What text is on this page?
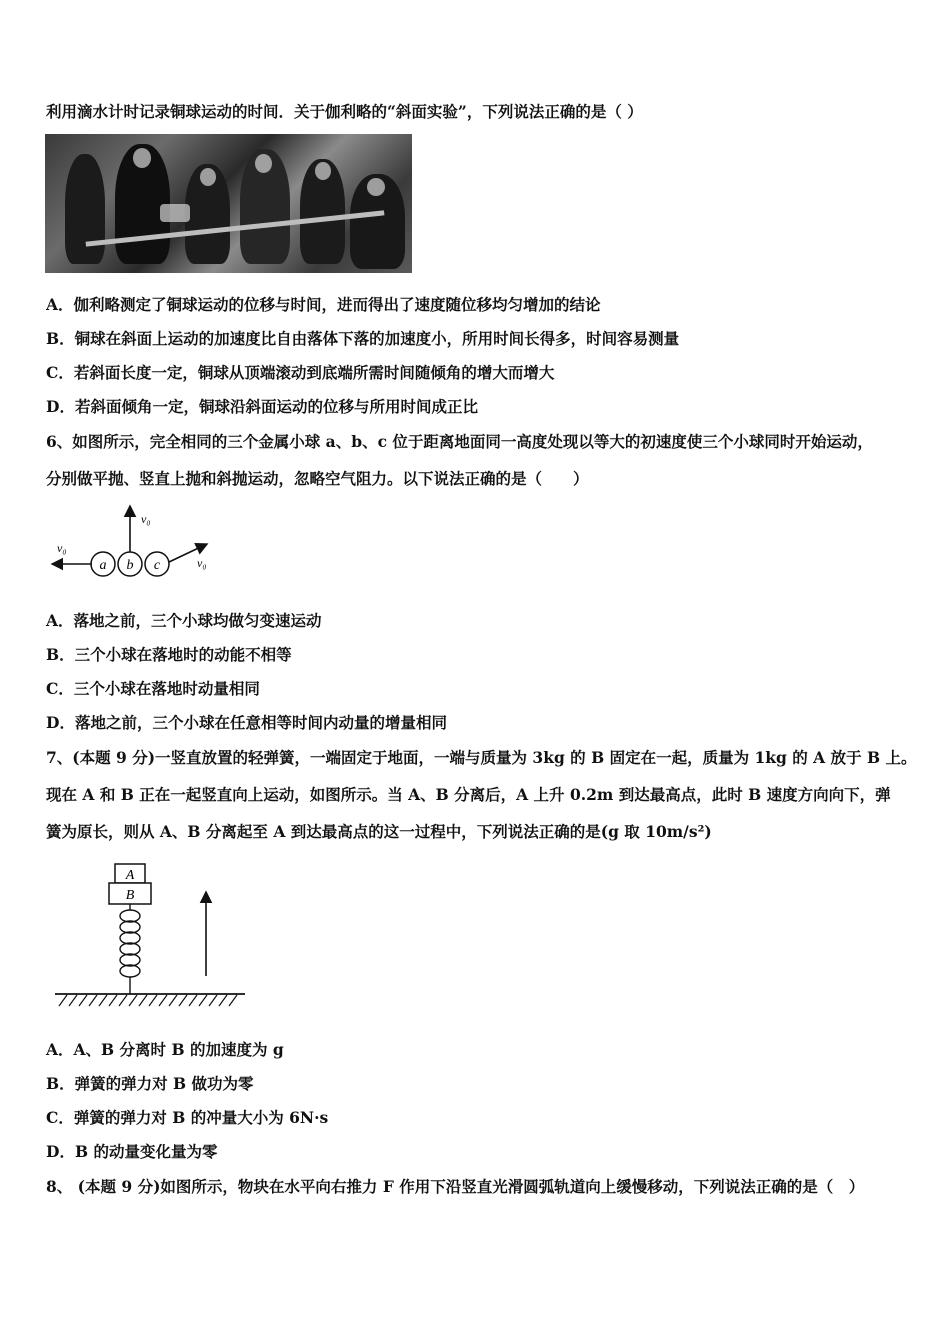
利用滴水计时记录铜球运动的时间．关于伽利略的“斜面实验”，下列说法正确的是（ ）
A．伽利略测定了铜球运动的位移与时间，进而得出了速度随位移均匀增加的结论
B．铜球在斜面上运动的加速度比自由落体下落的加速度小，所用时间长得多，时间容易测量
C．若斜面长度一定，铜球从顶端滚动到底端所需时间随倾角的增大而增大
D．若斜面倾角一定，铜球沿斜面运动的位移与所用时间成正比
6、如图所示，完全相同的三个金属小球 a、b、c 位于距离地面同一高度处现以等大的初速度使三个小球同时开始运动，
分别做平抛、竖直上抛和斜抛运动，忽略空气阻力。以下说法正确的是（　　）
v₀
v₀
v₀
a b c
A．落地之前，三个小球均做匀变速运动
B．三个小球在落地时的动能不相等
C．三个小球在落地时动量相同
D．落地之前，三个小球在任意相等时间内动量的增量相同
7、(本题 9 分)一竖直放置的轻弹簧，一端固定于地面，一端与质量为 3kg 的 B 固定在一起，质量为 1kg 的 A 放于 B 上。
现在 A 和 B 正在一起竖直向上运动，如图所示。当 A、B 分离后，A 上升 0.2m 到达最高点，此时 B 速度方向向下，弹
簧为原长，则从 A、B 分离起至 A 到达最高点的这一过程中，下列说法正确的是(g 取 10m/s²)
A
B
A．A、B 分离时 B 的加速度为 g
B．弹簧的弹力对 B 做功为零
C．弹簧的弹力对 B 的冲量大小为 6N·s
D．B 的动量变化量为零
8、 (本题 9 分)如图所示，物块在水平向右推力 F 作用下沿竖直光滑圆弧轨道向上缓慢移动，下列说法正确的是（　）
